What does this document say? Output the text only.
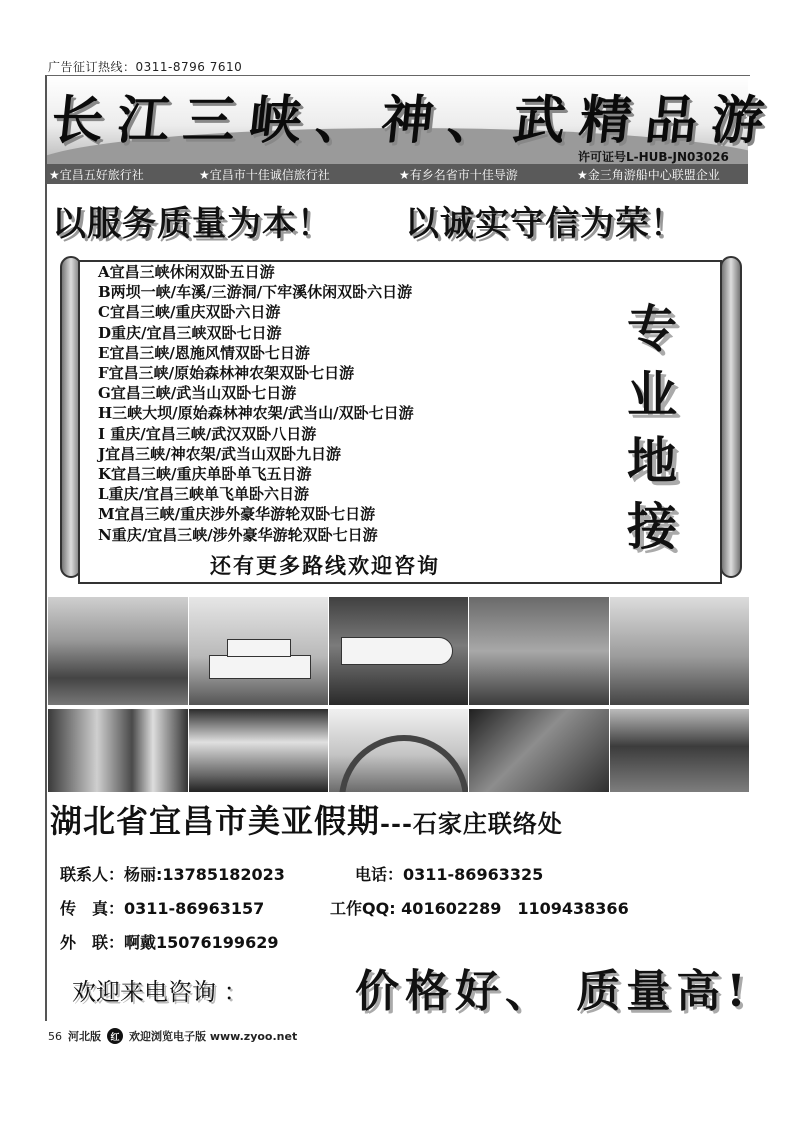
广告征订热线：0311-8796 7610
长江三峡、神、武精品游
许可证号L-HUB-JN03026
★宜昌五好旅行社	★宜昌市十佳诚信旅行社	★有乡名省市十佳导游	★金三角游船中心联盟企业
以服务质量为本！ 以诚实守信为荣！
A宜昌三峡休闲双卧五日游
B两坝一峡/车溪/三游洞/下牢溪休闲双卧六日游
C宜昌三峡/重庆双卧六日游
D重庆/宜昌三峡双卧七日游
E宜昌三峡/恩施风情双卧七日游
F宜昌三峡/原始森林神农架双卧七日游
G宜昌三峡/武当山双卧七日游
H三峡大坝/原始森林神农架/武当山/双卧七日游
I 重庆/宜昌三峡/武汉双卧八日游
J宜昌三峡/神农架/武当山双卧九日游
K宜昌三峡/重庆单卧单飞五日游
L重庆/宜昌三峡单飞单卧六日游
M宜昌三峡/重庆涉外豪华游轮双卧七日游
N重庆/宜昌三峡/涉外豪华游轮双卧七日游
还有更多路线欢迎咨询
专
业
地
接
湖北省宜昌市美亚假期---石家庄联络处
联系人：杨丽:13785182023	电话：0311-86963325
传　真：0311-86963157	工作QQ: 401602289　1109438366
外　联：啊戴15076199629
欢迎来电咨询 ： 价格好、 质量高!
56 河北版	红 欢迎浏览电子版 www.zyoo.net
